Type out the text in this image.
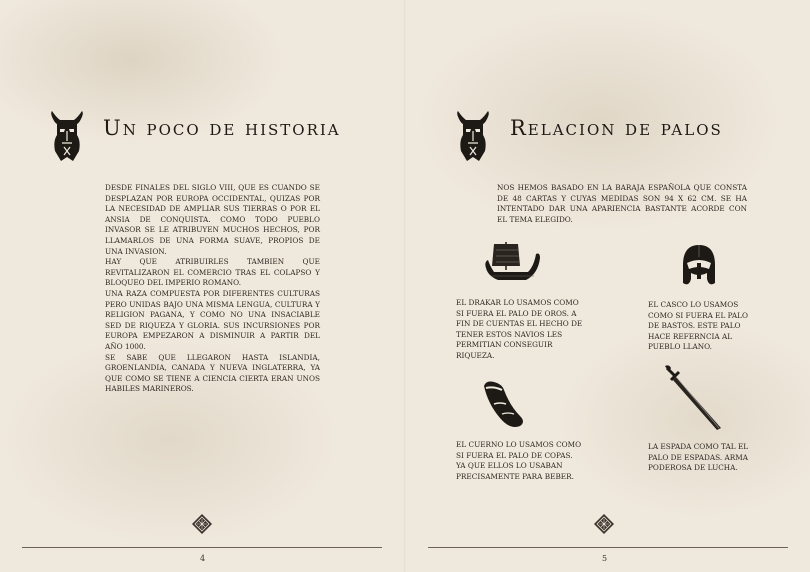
Un poco de historia

DESDE FINALES DEL SIGLO VIII, QUE ES CUANDO SE DESPLAZAN POR EUROPA OCCIDENTAL, QUIZAS POR LA NECESIDAD DE AMPLIAR SUS TIERRAS O POR EL ANSIA DE CONQUISTA. COMO TODO PUEBLO INVASOR SE LE ATRIBUYEN MUCHOS HECHOS, POR LLAMARLOS DE UNA FORMA SUAVE, PROPIOS DE UNA INVASION.

HAY QUE ATRIBUIRLES TAMBIEN QUE REVITALIZARON EL COMERCIO TRAS EL COLAPSO Y BLOQUEO DEL IMPERIO ROMANO.

UNA RAZA COMPUESTA POR DIFERENTES CULTURAS PERO UNIDAS BAJO UNA MISMA LENGUA, CULTURA Y RELIGION PAGANA, Y COMO NO UNA INSACIABLE SED DE RIQUEZA Y GLORIA. SUS INCURSIONES POR EUROPA EMPEZARON A DISMINUIR A PARTIR DEL AÑO 1000.

SE SABE QUE LLEGARON HASTA ISLANDIA, GROENLANDIA, CANADA Y NUEVA INGLATERRA, YA QUE COMO SE TIENE A CIENCIA CIERTA ERAN UNOS HABILES MARINEROS.

4
Relacion de palos

NOS HEMOS BASADO EN LA BARAJA ESPAÑOLA QUE CONSTA DE 48 CARTAS Y CUYAS MEDIDAS SON 94 X 62 CM. SE HA INTENTADO DAR UNA APARIENCIA BASTANTE ACORDE CON EL TEMA ELEGIDO.

EL DRAKAR LO USAMOS COMO SI FUERA EL PALO DE OROS. A FIN DE CUENTAS EL HECHO DE TENER ESTOS NAVIOS LES PERMITIAN CONSEGUIR RIQUEZA.
EL CASCO LO USAMOS COMO SI FUERA EL PALO DE BASTOS. ESTE PALO HACE REFERNCIA AL PUEBLO LLANO.
EL CUERNO LO USAMOS COMO SI FUERA EL PALO DE COPAS. YA QUE ELLOS LO USABAN PRECISAMENTE PARA BEBER.
LA ESPADA COMO TAL EL PALO DE ESPADAS. ARMA PODEROSA DE LUCHA.
5
